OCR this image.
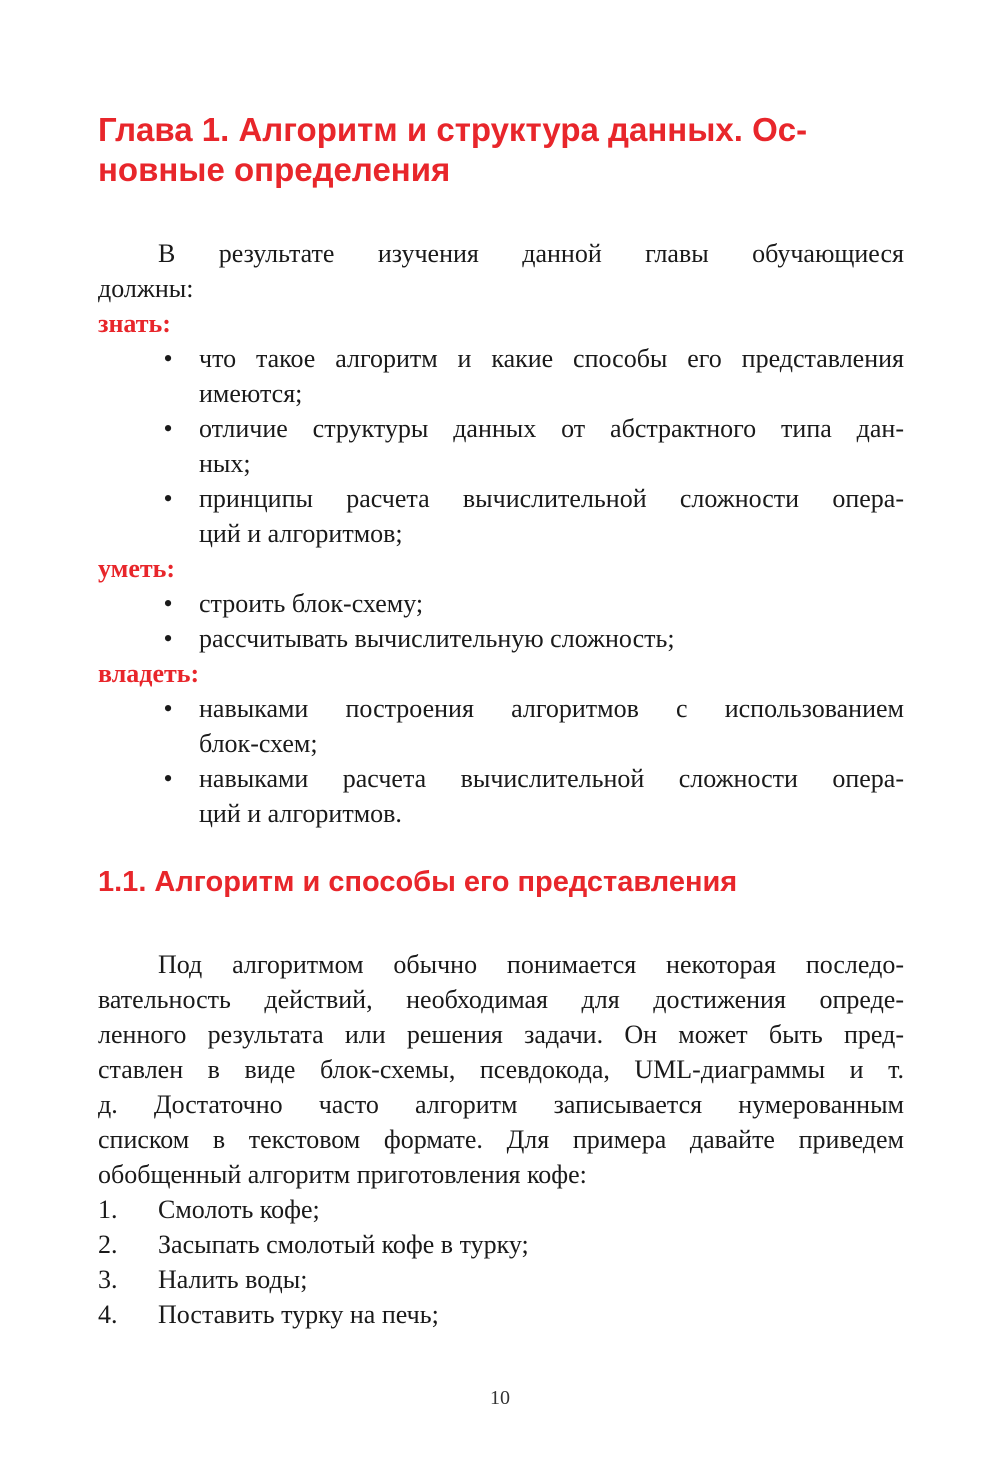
Глава 1. Алгоритм и структура данных. Ос-
новные определения

В результате изучения данной главы обучающиеся

должны:

знать:

• что такое алгоритм и какие способы его представления
имеются;
• отличие структуры данных от абстрактного типа дан-
ных;
• принципы расчета вычислительной сложности опера-
ций и алгоритмов;

уметь:

• строить блок-схему;
• рассчитывать вычислительную сложность;

владеть:

• навыками построения алгоритмов с использованием
блок-схем;
• навыками расчета вычислительной сложности опера-
ций и алгоритмов.
1.1. Алгоритм и способы его представления
Под алгоритмом обычно понимается некоторая последо-
вательность действий, необходимая для достижения опреде-
ленного результата или решения задачи. Он может быть пред-
ставлен в виде блок-схемы, псевдокода, UML-диаграммы и т.
д. Достаточно часто алгоритм записывается нумерованным
списком в текстовом формате. Для примера давайте приведем
обобщенный алгоритм приготовления кофе:
1. Смолоть кофе;
2. Засыпать смолотый кофе в турку;
3. Налить воды;
4. Поставить турку на печь;
10
